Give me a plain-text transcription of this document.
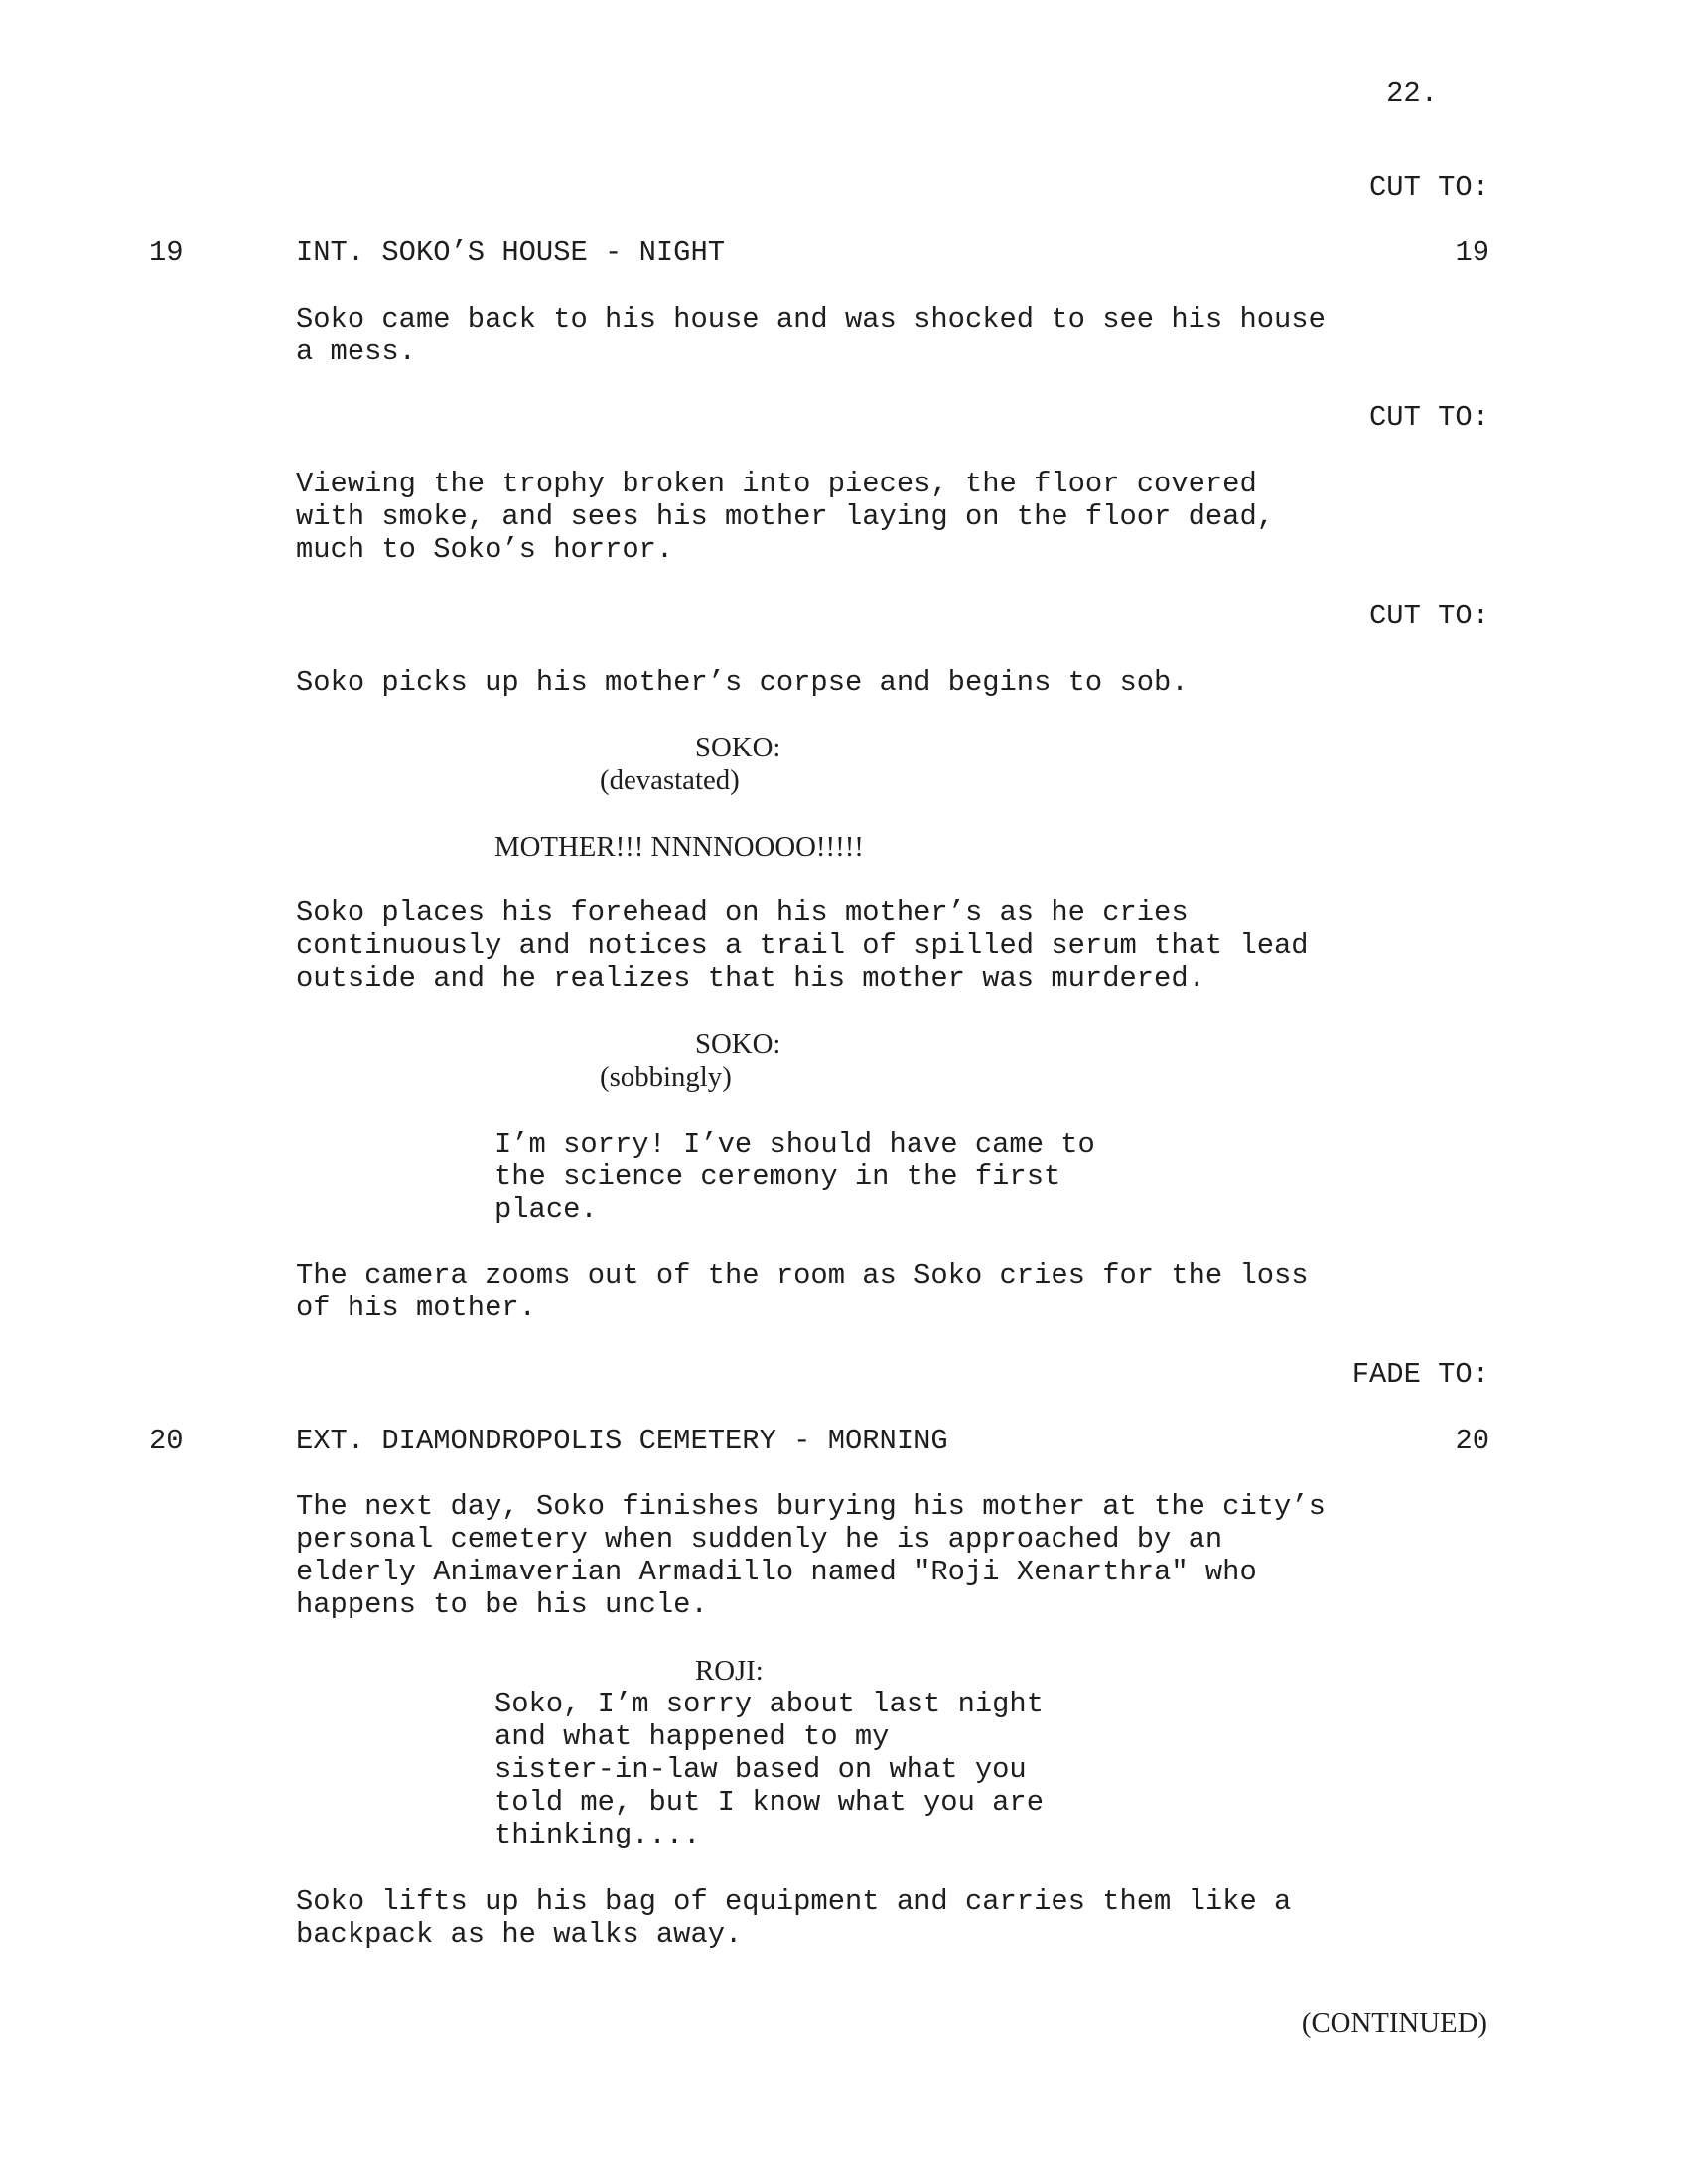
22.

CUT TO:

19	INT. SOKO’S HOUSE - NIGHT	19

Soko came back to his house and was shocked to see his house

a mess.

CUT TO:

Viewing the trophy broken into pieces, the floor covered

with smoke, and sees his mother laying on the floor dead,

much to Soko’s horror.

CUT TO:

Soko picks up his mother’s corpse and begins to sob.

SOKO:

(devastated)

MOTHER!!! NNNNOOOO!!!!!

Soko places his forehead on his mother’s as he cries

continuously and notices a trail of spilled serum that lead

outside and he realizes that his mother was murdered.

SOKO:

(sobbingly)

I’m sorry! I’ve should have came to

the science ceremony in the first

place.

The camera zooms out of the room as Soko cries for the loss

of his mother.

FADE TO:

20	EXT. DIAMONDROPOLIS CEMETERY - MORNING	20

The next day, Soko finishes burying his mother at the city’s

personal cemetery when suddenly he is approached by an

elderly Animaverian Armadillo named "Roji Xenarthra" who

happens to be his uncle.

ROJI:

Soko, I’m sorry about last night

and what happened to my

sister-in-law based on what you

told me, but I know what you are

thinking....

Soko lifts up his bag of equipment and carries them like a

backpack as he walks away.

(CONTINUED)
